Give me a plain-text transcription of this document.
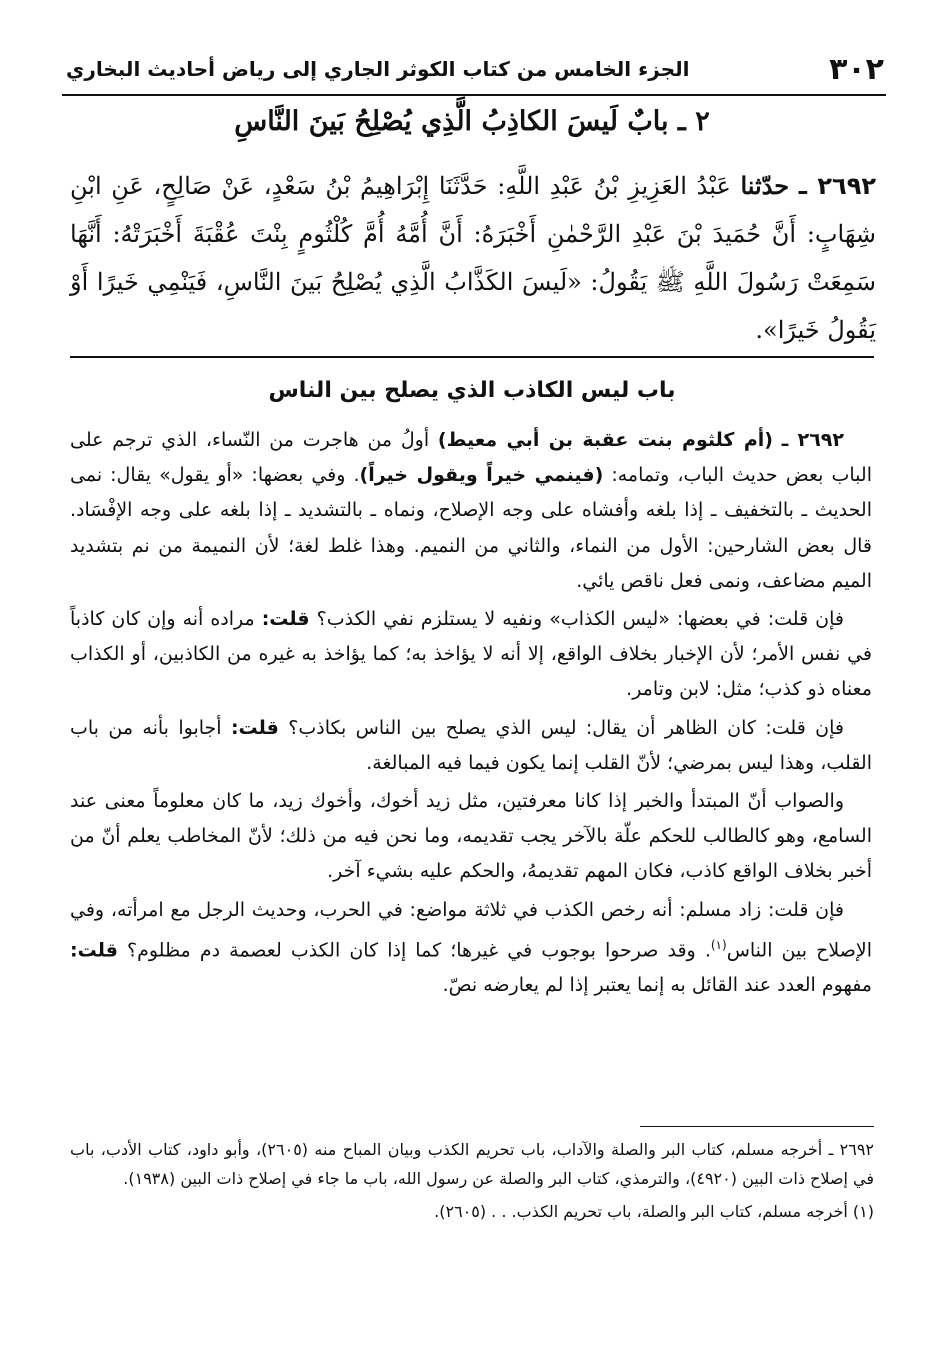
٣٠٢
الجزء الخامس من كتاب الكوثر الجاري إلى رياض أحاديث البخاري
٢ ـ بابٌ لَيسَ الكاذِبُ الَّذِي يُصْلِحُ بَينَ النَّاسِ
٢٦٩٢ ـ حدّثنا عَبْدُ العَزِيزِ بْنُ عَبْدِ اللَّهِ: حَدَّثَنَا إِبْرَاهِيمُ بْنُ سَعْدٍ، عَنْ صَالِحٍ، عَنِ ابْنِ شِهَابٍ: أَنَّ حُمَيدَ بْنَ عَبْدِ الرَّحْمٰنِ أَخْبَرَهُ: أَنَّ أُمَّهُ أُمَّ كُلْثُومٍ بِنْتَ عُقْبَةَ أَخْبَرَتْهُ: أَنَّهَا سَمِعَتْ رَسُولَ اللَّهِ ﷺ يَقُولُ: «لَيسَ الكَذَّابُ الَّذِي يُصْلِحُ بَينَ النَّاسِ، فَيَنْمِي خَيرًا أَوْ يَقُولُ خَيرًا».
باب ليس الكاذب الذي يصلح بين الناس

٢٦٩٢ ـ (أم كلثوم بنت عقبة بن أبي معيط) أولُ من هاجرت من النّساء، الذي ترجم على الباب بعض حديث الباب، وتمامه: (فينمي خيراً ويقول خيراً). وفي بعضها: «أو يقول» يقال: نمى الحديث ـ بالتخفيف ـ إذا بلغه وأفشاه على وجه الإصلاح، ونماه ـ بالتشديد ـ إذا بلغه على وجه الإفْسَاد. قال بعض الشارحين: الأول من النماء، والثاني من النميم. وهذا غلط لغة؛ لأن النميمة من نم بتشديد الميم مضاعف، ونمى فعل ناقص يائي.

فإن قلت: في بعضها: «ليس الكذاب» ونفيه لا يستلزم نفي الكذب؟ قلت: مراده أنه وإن كان كاذباً في نفس الأمر؛ لأن الإخبار بخلاف الواقع، إلا أنه لا يؤاخذ به؛ كما يؤاخذ به غيره من الكاذبين، أو الكذاب معناه ذو كذب؛ مثل: لابن وتامر.

فإن قلت: كان الظاهر أن يقال: ليس الذي يصلح بين الناس بكاذب؟ قلت: أجابوا بأنه من باب القلب، وهذا ليس بمرضي؛ لأنّ القلب إنما يكون فيما فيه المبالغة.

والصواب أنّ المبتدأ والخبر إذا كانا معرفتين، مثل زيد أخوك، وأخوك زيد، ما كان معلوماً معنى عند السامع، وهو كالطالب للحكم علّة بالآخر يجب تقديمه، وما نحن فيه من ذلك؛ لأنّ المخاطب يعلم أنّ من أخبر بخلاف الواقع كاذب، فكان المهم تقديمهُ، والحكم عليه بشيء آخر.

فإن قلت: زاد مسلم: أنه رخص الكذب في ثلاثة مواضع: في الحرب، وحديث الرجل مع امرأته، وفي الإصلاح بين الناس$^{(١)}$. وقد صرحوا بوجوب في غيرها؛ كما إذا كان الكذب لعصمة دم مظلوم؟ قلت: مفهوم العدد عند القائل به إنما يعتبر إذا لم يعارضه نصّ.

٢٦٩٢ ـ أخرجه مسلم، كتاب البر والصلة والآداب، باب تحريم الكذب وبيان المباح منه (٢٦٠٥)، وأبو داود، كتاب الأدب، باب في إصلاح ذات البين (٤٩٢٠)، والترمذي، كتاب البر والصلة عن رسول الله، باب ما جاء في إصلاح ذات البين (١٩٣٨).

(١) أخرجه مسلم، كتاب البر والصلة، باب تحريم الكذب. . . (٢٦٠٥).
